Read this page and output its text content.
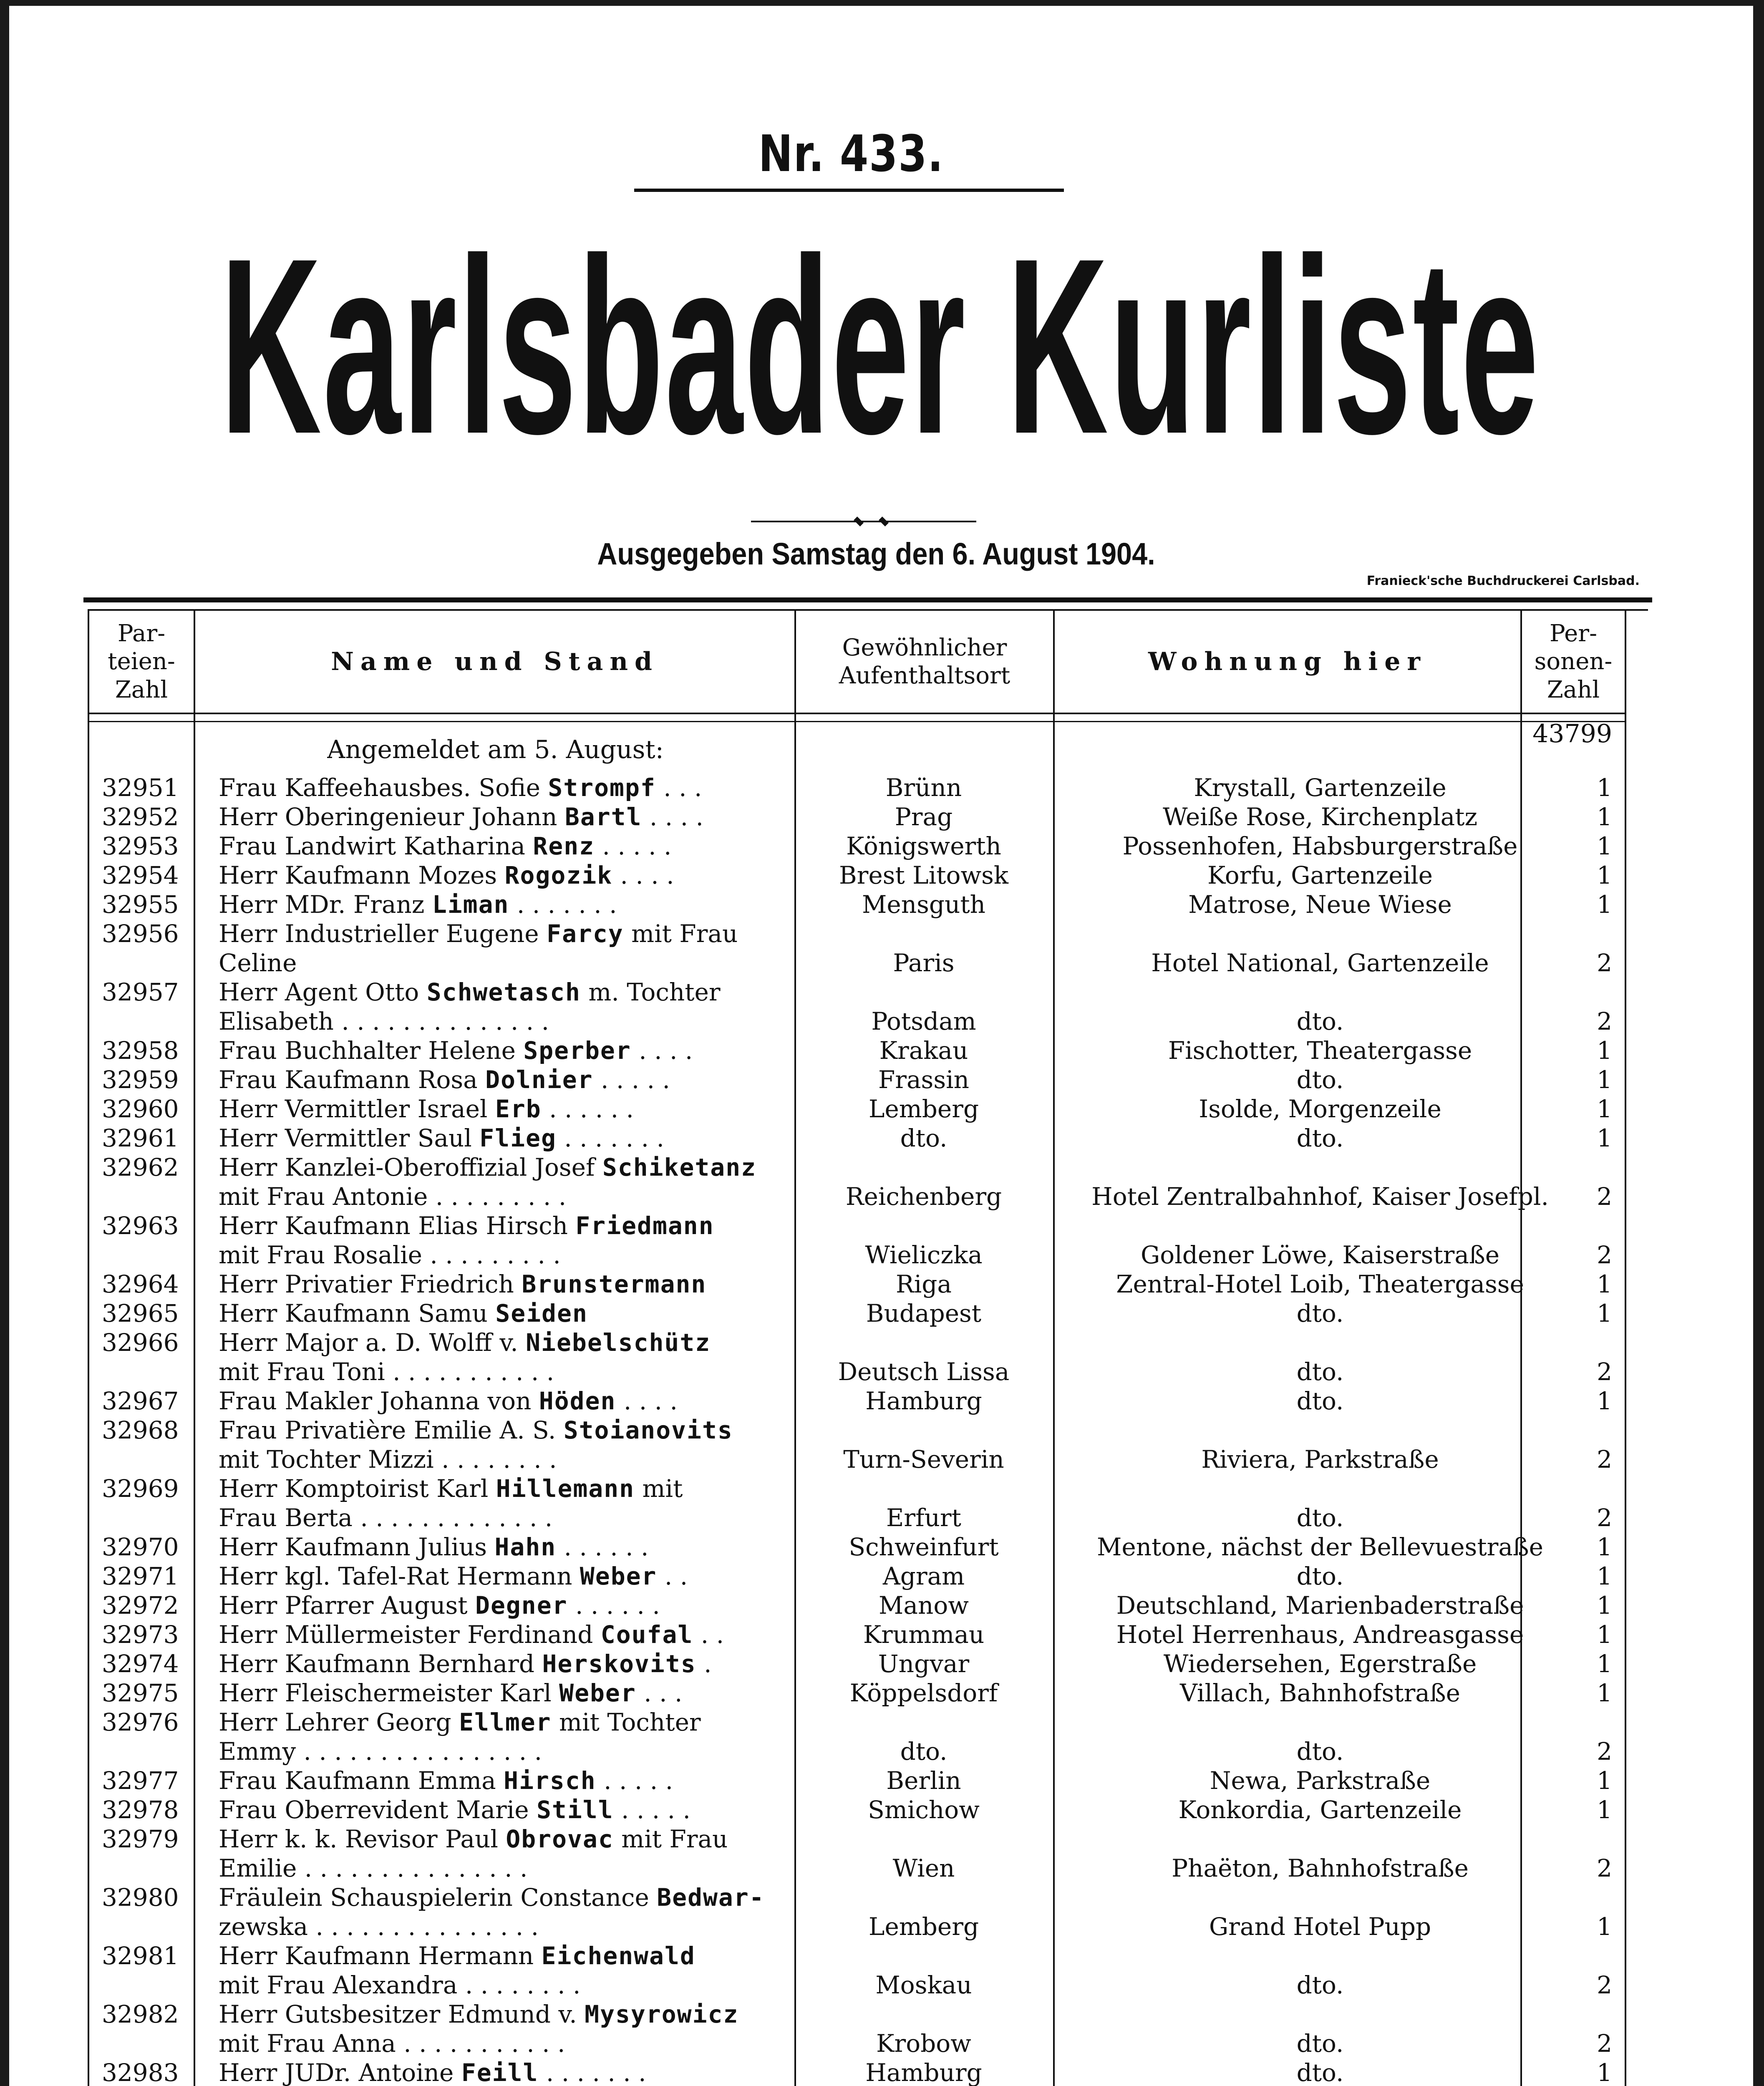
Nr. 433.
Karlsbader Kurliste
Ausgegeben Samstag den 6. August 1904.
Franieck'sche Buchdruckerei Carlsbad.
Par- teien- Zahl
Name und Stand	Gewöhnlicher Aufenthaltsort	Wohnung hier
Per- sonen- Zahl
Angemeldet am 5. August:
43799
32951	Frau Kaffeehausbes. Sofie Strompf . . .	Brünn	Krystall, Gartenzeile	1
32952	Herr Oberingenieur Johann Bartl . . . .	Prag	Weiße Rose, Kirchenplatz	1
32953	Frau Landwirt Katharina Renz . . . . .	Königswerth	Possenhofen, Habsburgerstraße	1
32954	Herr Kaufmann Mozes Rogozik . . . .	Brest Litowsk	Korfu, Gartenzeile	1
32955	Herr MDr. Franz Liman . . . . . . .	Mensguth	Matrose, Neue Wiese	1
32956	Herr Industrieller Eugene Farcy mit Frau
Celine	Paris	Hotel National, Gartenzeile	2
32957	Herr Agent Otto Schwetasch m. Tochter
Elisabeth . . . . . . . . . . . . . .	Potsdam	dto.	2
32958	Frau Buchhalter Helene Sperber . . . .	Krakau	Fischotter, Theatergasse	1
32959	Frau Kaufmann Rosa Dolnier . . . . .	Frassin	dto.	1
32960	Herr Vermittler Israel Erb . . . . . .	Lemberg	Isolde, Morgenzeile	1
32961	Herr Vermittler Saul Flieg . . . . . . .	dto.	dto.	1
32962	Herr Kanzlei-Oberoffizial Josef Schiketanz
mit Frau Antonie . . . . . . . . .	Reichenberg	Hotel Zentralbahnhof, Kaiser Josefpl.	2
32963	Herr Kaufmann Elias Hirsch Friedmann
mit Frau Rosalie . . . . . . . . .	Wieliczka	Goldener Löwe, Kaiserstraße	2
32964	Herr Privatier Friedrich Brunstermann	Riga	Zentral-Hotel Loib, Theatergasse	1
32965	Herr Kaufmann Samu Seiden	Budapest	dto.	1
32966	Herr Major a. D. Wolff v. Niebelschütz
mit Frau Toni . . . . . . . . . . .	Deutsch Lissa	dto.	2
32967	Frau Makler Johanna von Höden . . . .	Hamburg	dto.	1
32968	Frau Privatière Emilie A. S. Stoianovits
mit Tochter Mizzi . . . . . . . .	Turn-Severin	Riviera, Parkstraße	2
32969	Herr Komptoirist Karl Hillemann mit
Frau Berta . . . . . . . . . . . . .	Erfurt	dto.	2
32970	Herr Kaufmann Julius Hahn . . . . . .	Schweinfurt	Mentone, nächst der Bellevuestraße	1
32971	Herr kgl. Tafel-Rat Hermann Weber . .	Agram	dto.	1
32972	Herr Pfarrer August Degner . . . . . .	Manow	Deutschland, Marienbaderstraße	1
32973	Herr Müllermeister Ferdinand Coufal . .	Krummau	Hotel Herrenhaus, Andreasgasse	1
32974	Herr Kaufmann Bernhard Herskovits .	Ungvar	Wiedersehen, Egerstraße	1
32975	Herr Fleischermeister Karl Weber . . .	Köppelsdorf	Villach, Bahnhofstraße	1
32976	Herr Lehrer Georg Ellmer mit Tochter
Emmy . . . . . . . . . . . . . . . .	dto.	dto.	2
32977	Frau Kaufmann Emma Hirsch . . . . .	Berlin	Newa, Parkstraße	1
32978	Frau Oberrevident Marie Still . . . . .	Smichow	Konkordia, Gartenzeile	1
32979	Herr k. k. Revisor Paul Obrovac mit Frau
Emilie . . . . . . . . . . . . . . .	Wien	Phaëton, Bahnhofstraße	2
32980	Fräulein Schauspielerin Constance Bedwar-
zewska . . . . . . . . . . . . . . .	Lemberg	Grand Hotel Pupp	1
32981	Herr Kaufmann Hermann Eichenwald
mit Frau Alexandra . . . . . . . .	Moskau	dto.	2
32982	Herr Gutsbesitzer Edmund v. Mysyrowicz
mit Frau Anna . . . . . . . . . . .	Krobow	dto.	2
32983	Herr JUDr. Antoine Feill . . . . . . .	Hamburg	dto.	1
